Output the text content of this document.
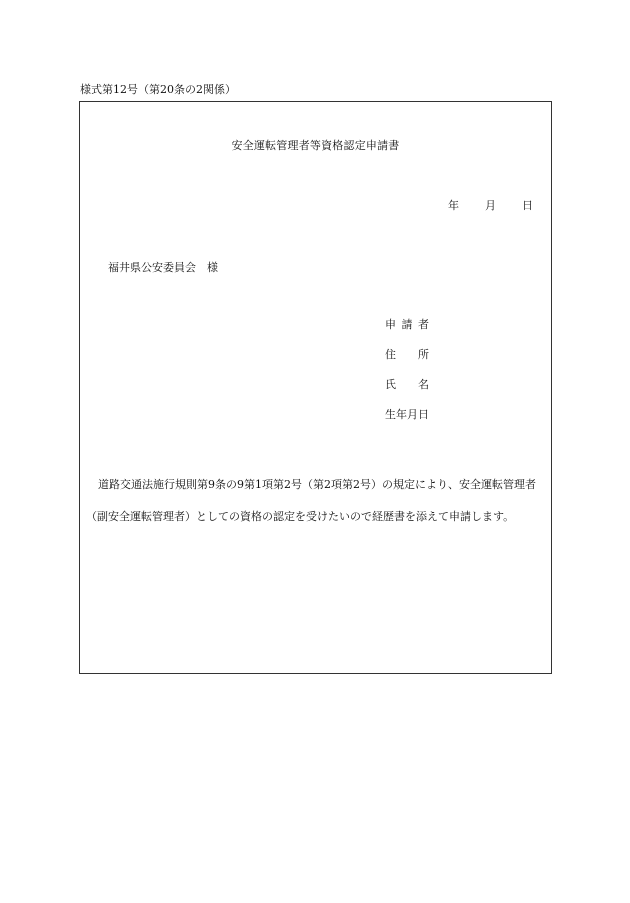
様式第12号（第20条の2関係）
安全運転管理者等資格認定申請書
年 月 日
福井県公安委員会　様
申請者
住所
氏名
生年月日
道路交通法施行規則第9条の9第1項第2号（第2項第2号）の規定により、安全運転管理者
（副安全運転管理者）としての資格の認定を受けたいので経歴書を添えて申請します。
